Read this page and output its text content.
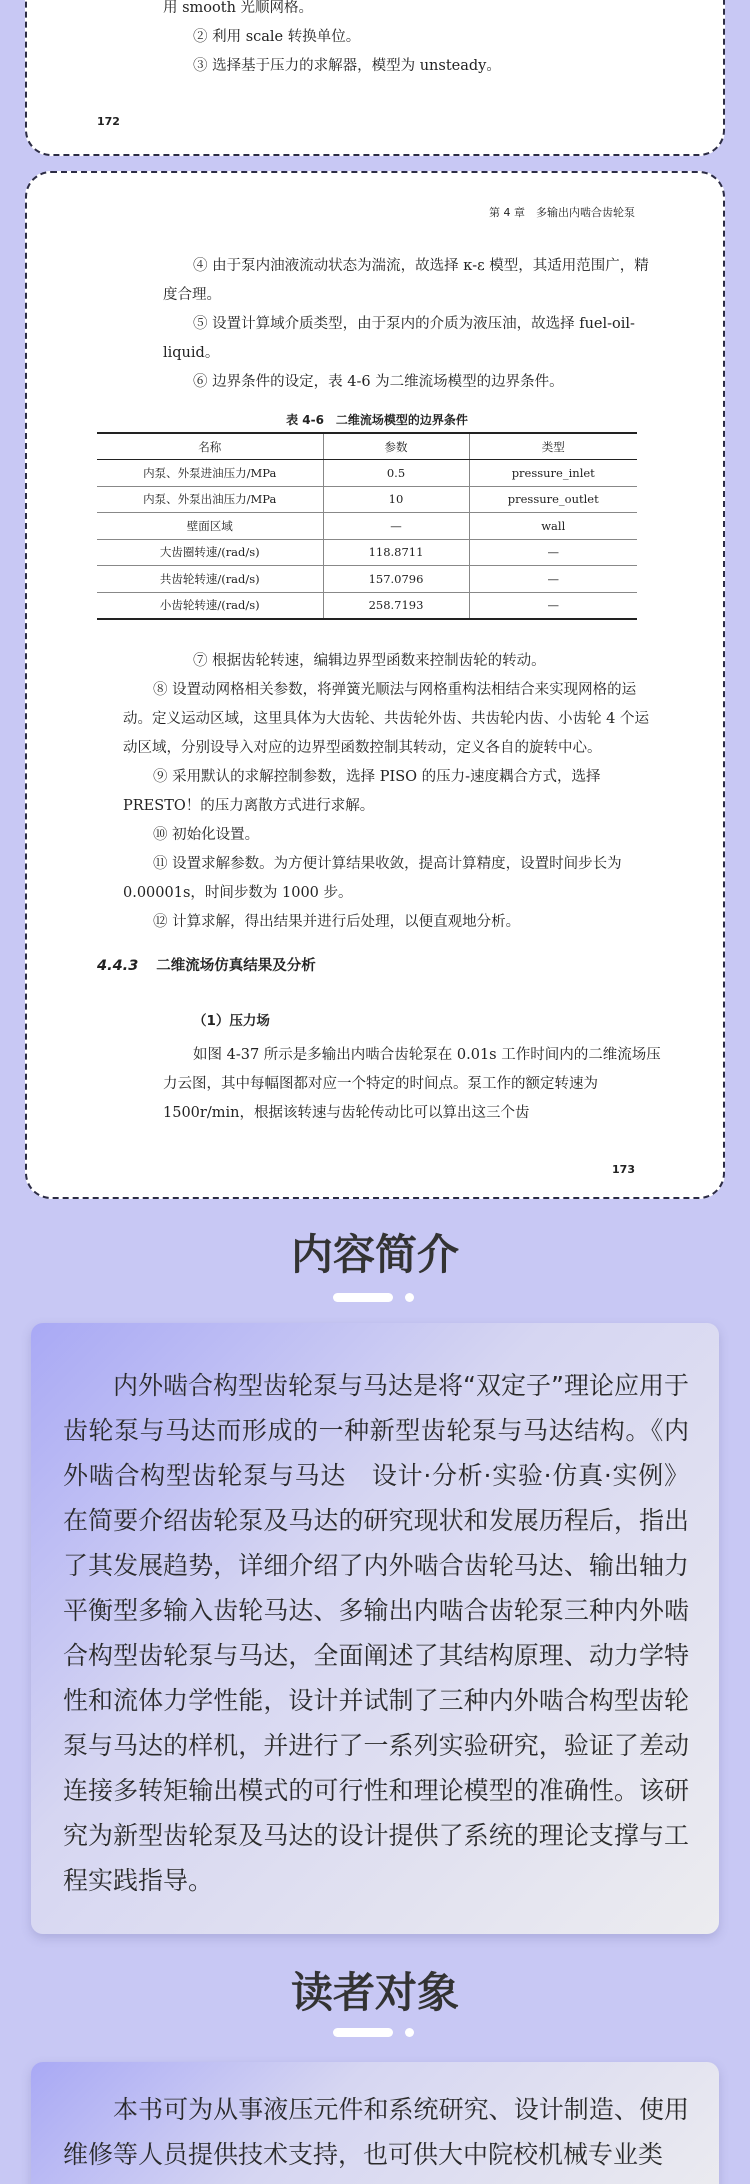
用 smooth 光顺网格。
② 利用 scale 转换单位。
③ 选择基于压力的求解器，模型为 unsteady。
172
第 4 章　多输出内啮合齿轮泵
④ 由于泵内油液流动状态为湍流，故选择 κ-ε 模型，其适用范围广，精度合理。
⑤ 设置计算域介质类型，由于泵内的介质为液压油，故选择 fuel-oil-liquid。
⑥ 边界条件的设定，表 4-6 为二维流场模型的边界条件。
表 4-6　二维流场模型的边界条件
名称	参数	类型
内泵、外泵进油压力/MPa	0.5	pressure_inlet
内泵、外泵出油压力/MPa	10	pressure_outlet
壁面区域	—	wall
大齿圈转速/(rad/s)	118.8711	—
共齿轮转速/(rad/s)	157.0796	—
小齿轮转速/(rad/s)	258.7193	—
⑦ 根据齿轮转速，编辑边界型函数来控制齿轮的转动。
⑧ 设置动网格相关参数，将弹簧光顺法与网格重构法相结合来实现网格的运动。定义运动区域，这里具体为大齿轮、共齿轮外齿、共齿轮内齿、小齿轮 4 个运动区域，分别设导入对应的边界型函数控制其转动，定义各自的旋转中心。
⑨ 采用默认的求解控制参数，选择 PISO 的压力-速度耦合方式，选择 PRESTO！的压力离散方式进行求解。
⑩ 初始化设置。
⑪ 设置求解参数。为方便计算结果收敛，提高计算精度，设置时间步长为 0.00001s，时间步数为 1000 步。
⑫ 计算求解，得出结果并进行后处理，以便直观地分析。
4.4.3 二维流场仿真结果及分析
（1）压力场
如图 4-37 所示是多输出内啮合齿轮泵在 0.01s 工作时间内的二维流场压力云图，其中每幅图都对应一个特定的时间点。泵工作的额定转速为 1500r/min，根据该转速与齿轮传动比可以算出这三个齿
173
内容简介
内外啮合构型齿轮泵与马达是将“双定子”理论应用于齿轮泵与马达而形成的一种新型齿轮泵与马达结构。《内外啮合构型齿轮泵与马达　设计·分析·实验·仿真·实例》在简要介绍齿轮泵及马达的研究现状和发展历程后，指出了其发展趋势，详细介绍了内外啮合齿轮马达、输出轴力平衡型多输入齿轮马达、多输出内啮合齿轮泵三种内外啮合构型齿轮泵与马达，全面阐述了其结构原理、动力学特性和流体力学性能，设计并试制了三种内外啮合构型齿轮泵与马达的样机，并进行了一系列实验研究，验证了差动连接多转矩输出模式的可行性和理论模型的准确性。该研究为新型齿轮泵及马达的设计提供了系统的理论支撑与工程实践指导。
读者对象
本书可为从事液压元件和系统研究、设计制造、使用维修等人员提供技术支持，也可供大中院校机械专业类
